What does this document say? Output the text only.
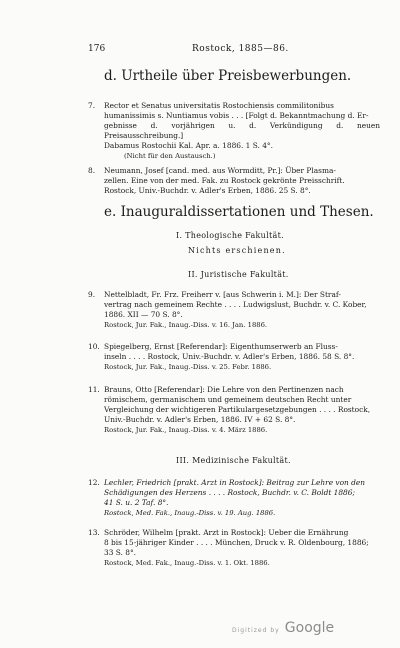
176	Rostock, 1885—86.
d. Urtheile über Preisbewerbungen.
7. Rector et Senatus universitatis Rostochiensis commilitonibus
humanissimis s. Nuntiamus vobis . . . [Folgt d. Bekanntmachung d. Er-
gebnisse d. vorjährigen u. d. Verkündigung d. neuen Preisausschreibung.]
Dabamus Rostochii Kal. Apr. a. 1886. 1 S. 4°.
(Nicht für den Austausch.)
8. Neumann, Josef [cand. med. aus Wormditt, Pr.]: Über Plasma-
zellen. Eine von der med. Fak. zu Rostock gekrönte Preisschrift.
Rostock, Univ.-Buchdr. v. Adler's Erben, 1886. 25 S. 8°.
e. Inauguraldissertationen und Thesen.
I. Theologische Fakultät.
Nichts erschienen.
II. Juristische Fakultät.
9. Nettelbladt, Fr. Frz. Freiherr v. [aus Schwerin i. M.]: Der Straf-
vertrag nach gemeinem Rechte . . . . Ludwigslust, Buchdr. v. C. Kober,
1886. XII — 70 S. 8°.
Rostock, Jur. Fak., Inaug.-Diss. v. 16. Jan. 1886.
10. Spiegelberg, Ernst [Referendar]: Eigenthumserwerb an Fluss-
inseln . . . . Rostock, Univ.-Buchdr. v. Adler's Erben, 1886. 58 S. 8°.
Rostock, Jur. Fak., Inaug.-Diss. v. 25. Febr. 1886.
11. Brauns, Otto [Referendar]: Die Lehre von den Pertinenzen nach
römischem, germanischem und gemeinem deutschen Recht unter
Vergleichung der wichtigeren Partikulargesetzgebungen . . . . Rostock,
Univ.-Buchdr. v. Adler's Erben, 1886. IV + 62 S. 8°.
Rostock, Jur. Fak., Inaug.-Diss. v. 4. März 1886.
III. Medizinische Fakultät.
12. Lechler, Friedrich [prakt. Arzt in Rostock]: Beitrag zur Lehre von den
Schädigungen des Herzens . . . . Rostock, Buchdr. v. C. Boldt 1886;
41 S. u. 2 Taf. 8°.
Rostock, Med. Fak., Inaug.-Diss. v. 19. Aug. 1886.
13. Schröder, Wilhelm [prakt. Arzt in Rostock]: Ueber die Ernährung
8 bis 15-jähriger Kinder . . . . München, Druck v. R. Oldenbourg, 1886;
33 S. 8°.
Rostock, Med. Fak., Inaug.-Diss. v. 1. Okt. 1886.
Digitized by Google
